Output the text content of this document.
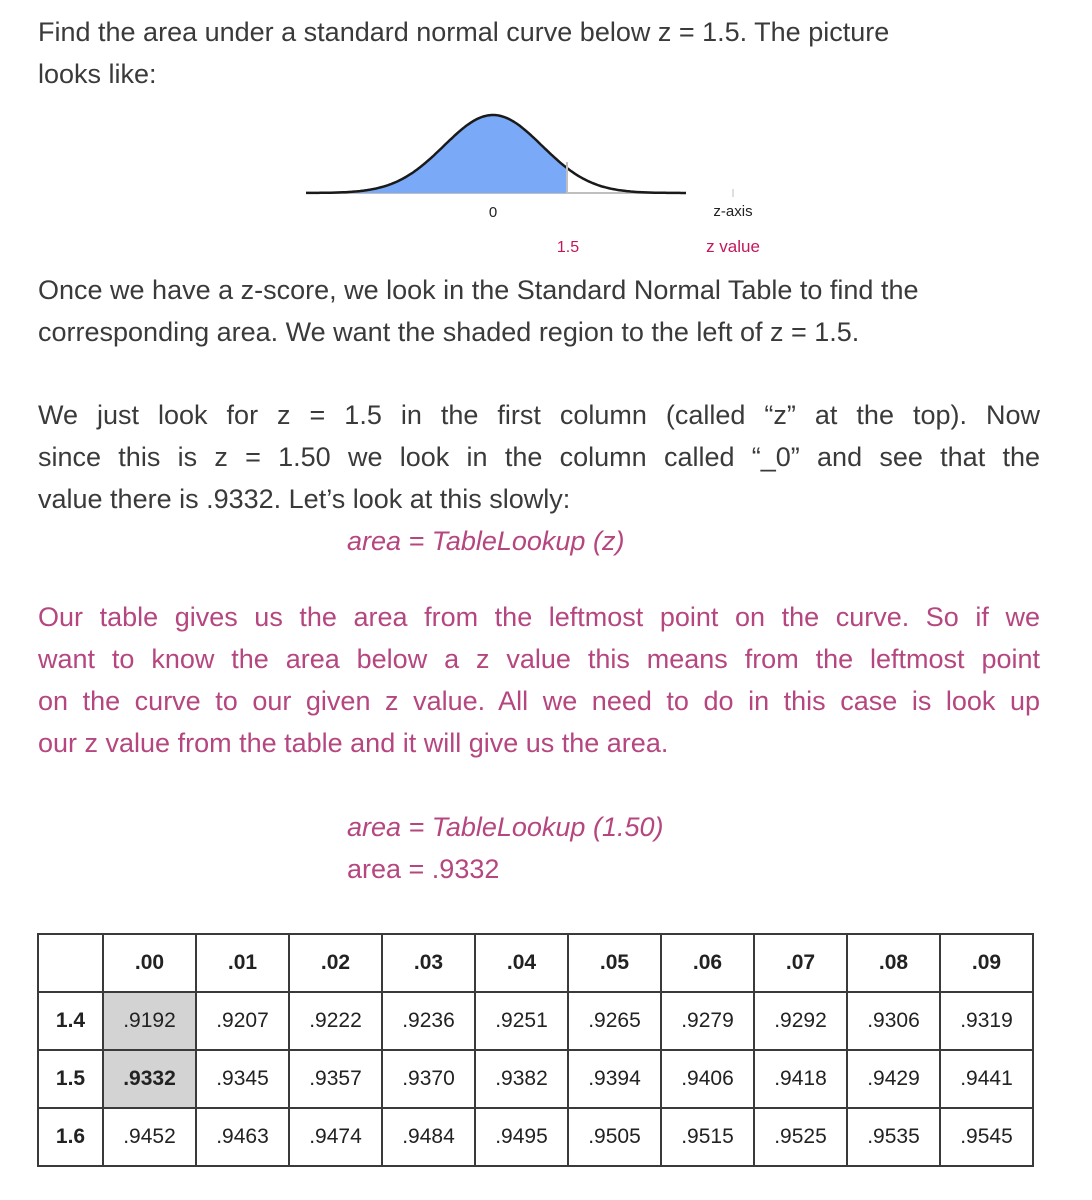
Find the area under a standard normal curve below z = 1.5. The picture
looks like:
0	z-axis
1.5	z value
Once we have a z-score, we look in the Standard Normal Table to find the
corresponding area. We want the shaded region to the left of z = 1.5.
We just look for z = 1.5 in the first column (called “z” at the top). Now
since this is z = 1.50 we look in the column called “_0” and see that the
value there is .9332. Let’s look at this slowly:
area = TableLookup (z)
Our table gives us the area from the leftmost point on the curve. So if we
want to know the area below a z value this means from the leftmost point
on the curve to our given z value. All we need to do in this case is look up
our z value from the table and it will give us the area.
area = TableLookup (1.50)
area = .9332
	.00	.01	.02	.03	.04	.05	.06	.07	.08	.09
1.4	.9192	.9207	.9222	.9236	.9251	.9265	.9279	.9292	.9306	.9319
1.5	.9332	.9345	.9357	.9370	.9382	.9394	.9406	.9418	.9429	.9441
1.6	.9452	.9463	.9474	.9484	.9495	.9505	.9515	.9525	.9535	.9545
